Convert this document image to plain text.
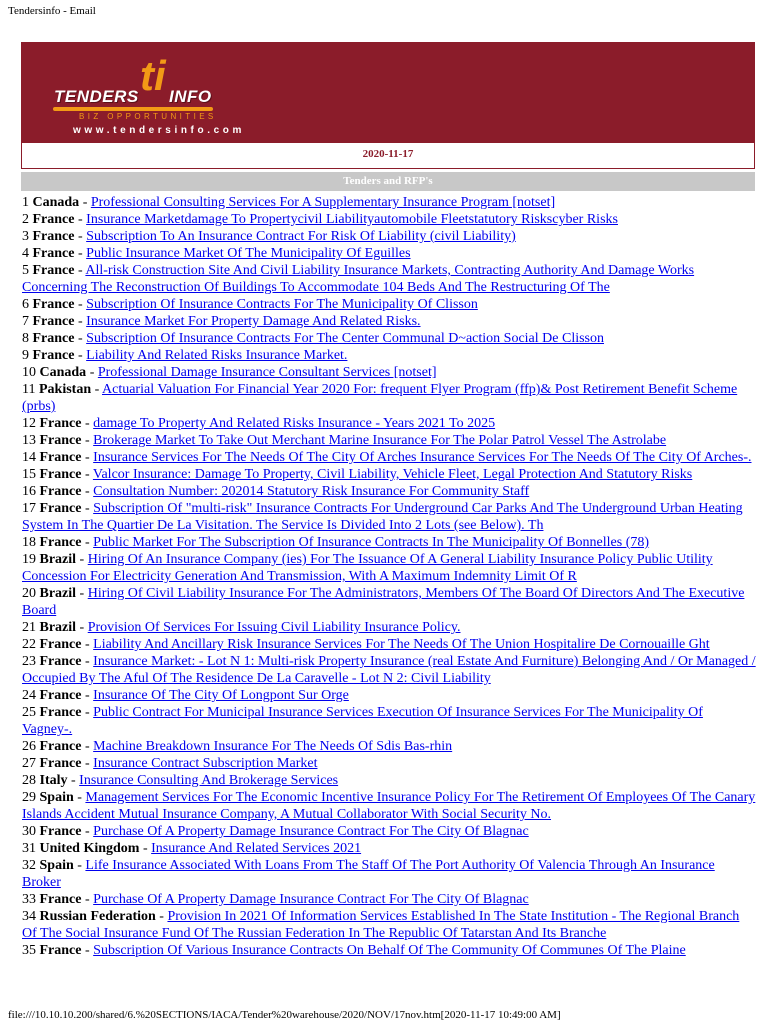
Tendersinfo - Email
ti
TENDERS INFO
BIZ OPPORTUNITIES
www.tendersinfo.com
2020-11-17
Tenders and RFP's
1 Canada - Professional Consulting Services For A Supplementary Insurance Program [notset]
2 France - Insurance Marketdamage To Propertycivil Liabilityautomobile Fleetstatutory Riskscyber Risks
3 France - Subscription To An Insurance Contract For Risk Of Liability (civil Liability)
4 France - Public Insurance Market Of The Municipality Of Eguilles
5 France - All-risk Construction Site And Civil Liability Insurance Markets, Contracting Authority And Damage Works Concerning The Reconstruction Of Buildings To Accommodate 104 Beds And The Restructuring Of The
6 France - Subscription Of Insurance Contracts For The Municipality Of Clisson
7 France - Insurance Market For Property Damage And Related Risks.
8 France - Subscription Of Insurance Contracts For The Center Communal D~action Social De Clisson
9 France - Liability And Related Risks Insurance Market.
10 Canada - Professional Damage Insurance Consultant Services [notset]
11 Pakistan - Actuarial Valuation For Financial Year 2020 For: frequent Flyer Program (ffp)& Post Retirement Benefit Scheme (prbs)
12 France - damage To Property And Related Risks Insurance - Years 2021 To 2025
13 France - Brokerage Market To Take Out Merchant Marine Insurance For The Polar Patrol Vessel The Astrolabe
14 France - Insurance Services For The Needs Of The City Of Arches Insurance Services For The Needs Of The City Of Arches-.
15 France - Valcor Insurance: Damage To Property, Civil Liability, Vehicle Fleet, Legal Protection And Statutory Risks
16 France - Consultation Number: 202014 Statutory Risk Insurance For Community Staff
17 France - Subscription Of "multi-risk" Insurance Contracts For Underground Car Parks And The Underground Urban Heating System In The Quartier De La Visitation. The Service Is Divided Into 2 Lots (see Below). Th
18 France - Public Market For The Subscription Of Insurance Contracts In The Municipality Of Bonnelles (78)
19 Brazil - Hiring Of An Insurance Company (ies) For The Issuance Of A General Liability Insurance Policy Public Utility Concession For Electricity Generation And Transmission, With A Maximum Indemnity Limit Of R
20 Brazil - Hiring Of Civil Liability Insurance For The Administrators, Members Of The Board Of Directors And The Executive Board
21 Brazil - Provision Of Services For Issuing Civil Liability Insurance Policy.
22 France - Liability And Ancillary Risk Insurance Services For The Needs Of The Union Hospitalire De Cornouaille Ght
23 France - Insurance Market: - Lot N 1: Multi-risk Property Insurance (real Estate And Furniture) Belonging And / Or Managed / Occupied By The Aful Of The Residence De La Caravelle - Lot N 2: Civil Liability
24 France - Insurance Of The City Of Longpont Sur Orge
25 France - Public Contract For Municipal Insurance Services Execution Of Insurance Services For The Municipality Of Vagney-.
26 France - Machine Breakdown Insurance For The Needs Of Sdis Bas-rhin
27 France - Insurance Contract Subscription Market
28 Italy - Insurance Consulting And Brokerage Services
29 Spain - Management Services For The Economic Incentive Insurance Policy For The Retirement Of Employees Of The Canary Islands Accident Mutual Insurance Company, A Mutual Collaborator With Social Security No.
30 France - Purchase Of A Property Damage Insurance Contract For The City Of Blagnac
31 United Kingdom - Insurance And Related Services 2021
32 Spain - Life Insurance Associated With Loans From The Staff Of The Port Authority Of Valencia Through An Insurance Broker
33 France - Purchase Of A Property Damage Insurance Contract For The City Of Blagnac
34 Russian Federation - Provision In 2021 Of Information Services Established In The State Institution - The Regional Branch Of The Social Insurance Fund Of The Russian Federation In The Republic Of Tatarstan And Its Branche
35 France - Subscription Of Various Insurance Contracts On Behalf Of The Community Of Communes Of The Plaine
file:///10.10.10.200/shared/6.%20SECTIONS/IACA/Tender%20warehouse/2020/NOV/17nov.htm[2020-11-17 10:49:00 AM]
